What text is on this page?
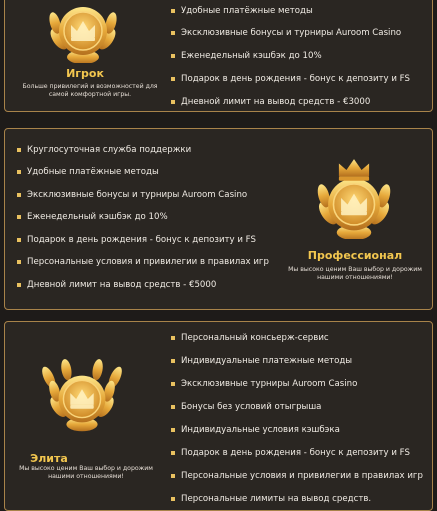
Игрок
Больше привилегий и возможностей для
самой комфортной игры.
Удобные платёжные методы
Эксклюзивные бонусы и турниры Auroom Casino
Еженедельный кэшбэк до 10%
Подарок в день рождения - бонус к депозиту и FS
Дневной лимит на вывод средств - €3000
Круглосуточная служба поддержки
Удобные платёжные методы
Эксклюзивные бонусы и турниры Auroom Casino
Еженедельный кэшбэк до 10%
Подарок в день рождения - бонус к депозиту и FS
Персональные условия и привилегии в правилах игр
Дневной лимит на вывод средств - €5000
Профессионал
Мы высоко ценим Ваш выбор и дорожим
нашими отношениями!
Элита
Мы высоко ценим Ваш выбор и дорожим
нашими отношениями!
Персональный консьерж-сервис
Индивидуальные платежные методы
Эксклюзивные турниры Auroom Casino
Бонусы без условий отыгрыша
Индивидуальные условия кэшбэка
Подарок в день рождения - бонус к депозиту и FS
Персональные условия и привилегии в правилах игр
Персональные лимиты на вывод средств.
